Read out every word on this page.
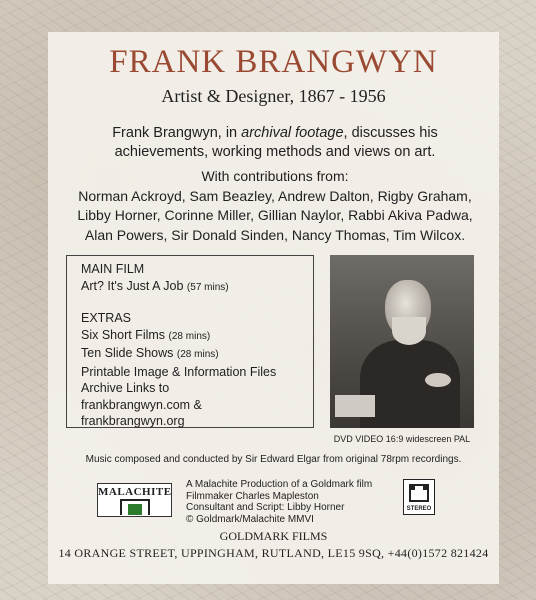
FRANK BRANGWYN
Artist & Designer, 1867 - 1956
Frank Brangwyn, in archival footage, discusses his
achievements, working methods and views on art.
With contributions from:
Norman Ackroyd, Sam Beazley, Andrew Dalton, Rigby Graham,
Libby Horner, Corinne Miller, Gillian Naylor, Rabbi Akiva Padwa,
Alan Powers, Sir Donald Sinden, Nancy Thomas, Tim Wilcox.
MAIN FILM
Art? It's Just A Job (57 mins)
EXTRAS
Six Short Films (28 mins)
Ten Slide Shows (28 mins)
Printable Image & Information Files
Archive Links to
frankbrangwyn.com &
frankbrangwyn.org
DVD VIDEO 16:9 widescreen PAL
Music composed and conducted by Sir Edward Elgar from original 78rpm recordings.
MALACHITE
A Malachite Production of a Goldmark film
Filmmaker Charles Mapleston
Consultant and Script: Libby Horner
© Goldmark/Malachite MMVI
STEREO
GOLDMARK FILMS
14 ORANGE STREET, UPPINGHAM, RUTLAND, LE15 9SQ, +44(0)1572 821424
